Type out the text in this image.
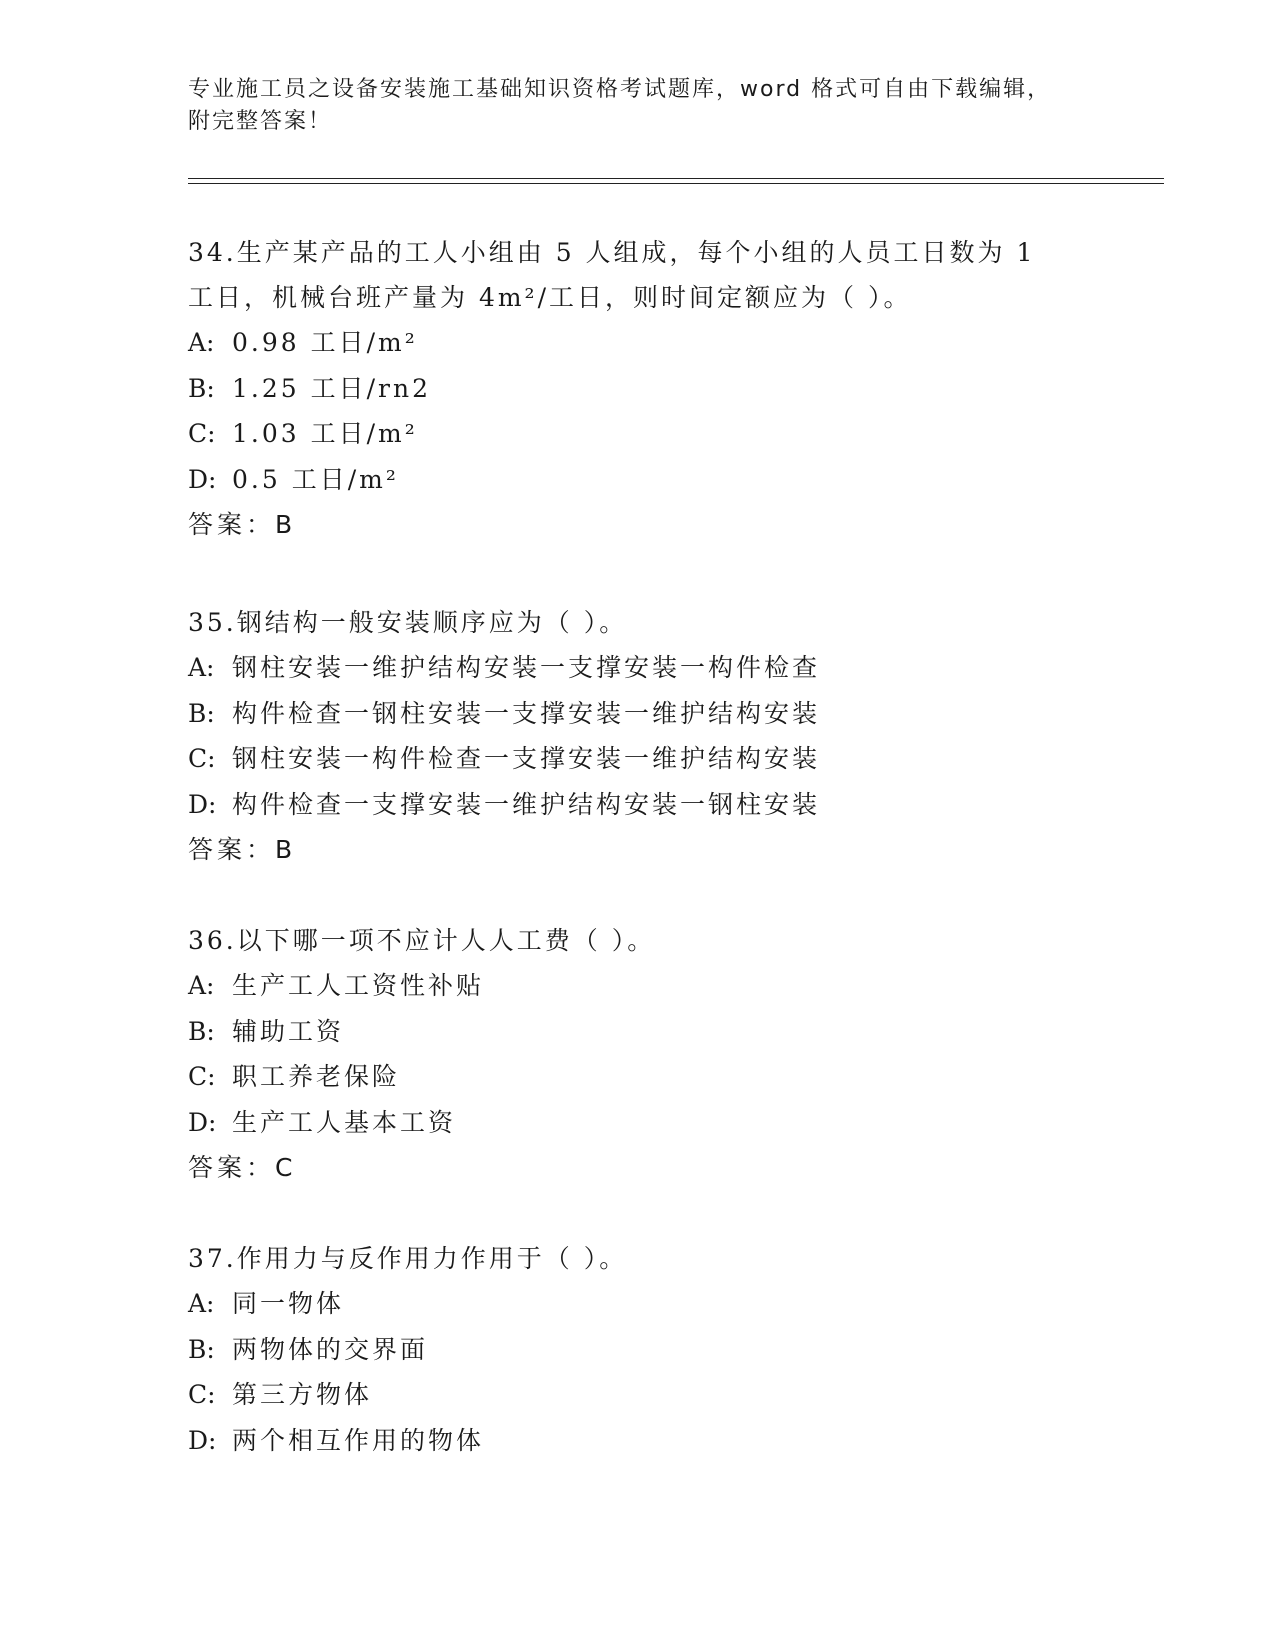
专业施工员之设备安装施工基础知识资格考试题库，word 格式可自由下载编辑，附完整答案！

34.生产某产品的工人小组由 5 人组成，每个小组的人员工日数为 1 工日，机械台班产量为 4m²/工日，则时间定额应为（ ）。

A: 0.98 工日/m²

B: 1.25 工日/rn2

C: 1.03 工日/m²

D: 0.5 工日/m²

答案：B

35.钢结构一般安装顺序应为（ ）。

A: 钢柱安装一维护结构安装一支撑安装一构件检查

B: 构件检查一钢柱安装一支撑安装一维护结构安装

C: 钢柱安装一构件检查一支撑安装一维护结构安装

D: 构件检查一支撑安装一维护结构安装一钢柱安装

答案：B

36.以下哪一项不应计人人工费（ ）。

A: 生产工人工资性补贴

B: 辅助工资

C: 职工养老保险

D: 生产工人基本工资

答案：C

37.作用力与反作用力作用于（ ）。

A: 同一物体

B: 两物体的交界面

C: 第三方物体

D: 两个相互作用的物体
